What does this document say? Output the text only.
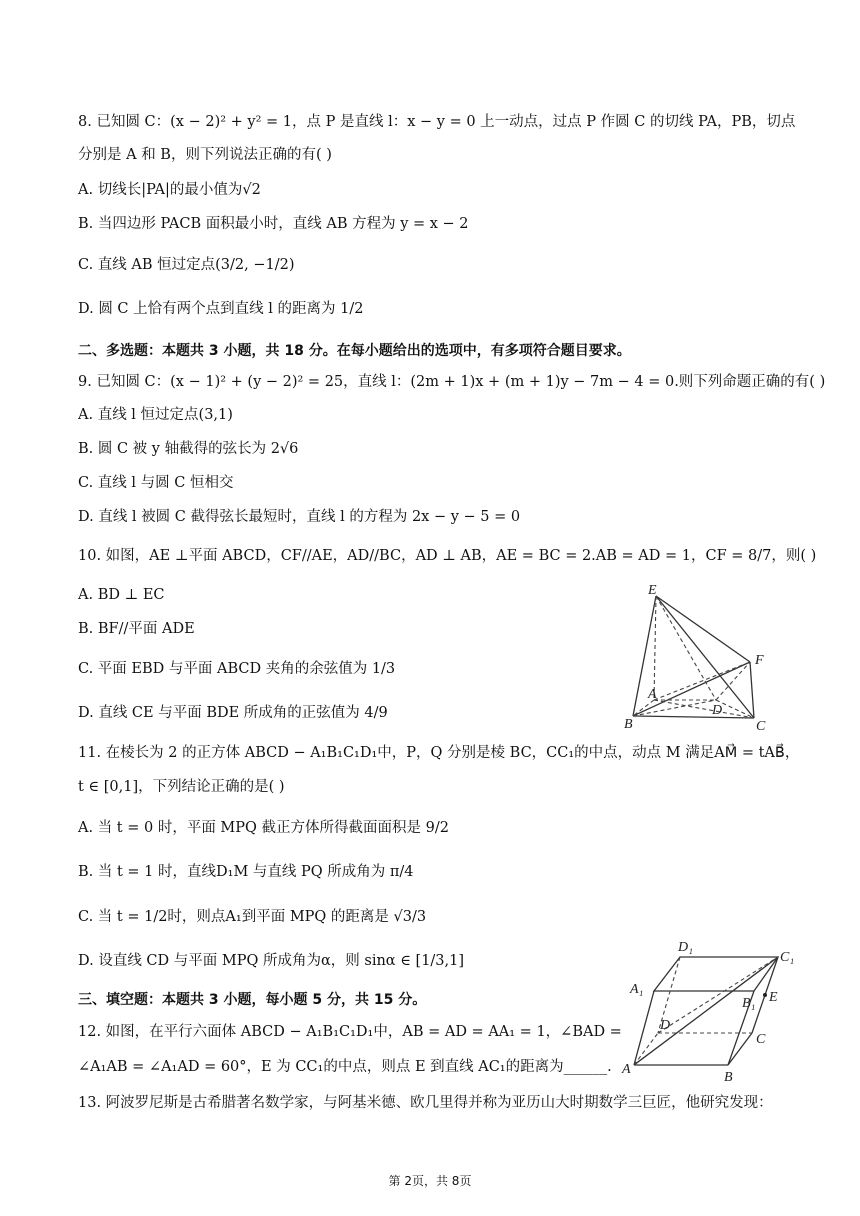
8. 已知圆 C：(x − 2)² + y² = 1，点 P 是直线 l：x − y = 0 上一动点，过点 P 作圆 C 的切线 PA，PB，切点
分别是 A 和 B，则下列说法正确的有( )
A. 切线长|PA|的最小值为√2
B. 当四边形 PACB 面积最小时，直线 AB 方程为 y = x − 2
C. 直线 AB 恒过定点(3/2, −1/2)
D. 圆 C 上恰有两个点到直线 l 的距离为 1/2
二、多选题：本题共 3 小题，共 18 分。在每小题给出的选项中，有多项符合题目要求。
9. 已知圆 C：(x − 1)² + (y − 2)² = 25，直线 l：(2m + 1)x + (m + 1)y − 7m − 4 = 0.则下列命题正确的有( )
A. 直线 l 恒过定点(3,1)
B. 圆 C 被 y 轴截得的弦长为 2√6
C. 直线 l 与圆 C 恒相交
D. 直线 l 被圆 C 截得弦长最短时，直线 l 的方程为 2x − y − 5 = 0
10. 如图，AE ⊥平面 ABCD，CF//AE，AD//BC，AD ⊥ AB，AE = BC = 2.AB = AD = 1，CF = 8/7，则( )
A. BD ⊥ EC
B. BF//平面 ADE
C. 平面 EBD 与平面 ABCD 夹角的余弦值为 1/3
D. 直线 CE 与平面 BDE 所成角的正弦值为 4/9
11. 在棱长为 2 的正方体 ABCD − A₁B₁C₁D₁中，P，Q 分别是棱 BC，CC₁的中点，动点 M 满足AM⃗ = tAB⃗，
t ∈ [0,1]，下列结论正确的是( )
A. 当 t = 0 时，平面 MPQ 截正方体所得截面面积是 9/2
B. 当 t = 1 时，直线D₁M 与直线 PQ 所成角为 π/4
C. 当 t = 1/2时，则点A₁到平面 MPQ 的距离是 √3/3
D. 设直线 CD 与平面 MPQ 所成角为α，则 sinα ∈ [1/3,1]
三、填空题：本题共 3 小题，每小题 5 分，共 15 分。
12. 如图，在平行六面体 ABCD − A₁B₁C₁D₁中，AB = AD = AA₁ = 1，∠BAD =
∠A₁AB = ∠A₁AD = 60°，E 为 CC₁的中点，则点 E 到直线 AC₁的距离为______.
13. 阿波罗尼斯是古希腊著名数学家，与阿基米德、欧几里得并称为亚历山大时期数学三巨匠，他研究发现：
E
F
A
D
B	C
D₁
C₁
A₁
B₁ E
D
C
A
B
第 2页，共 8页
